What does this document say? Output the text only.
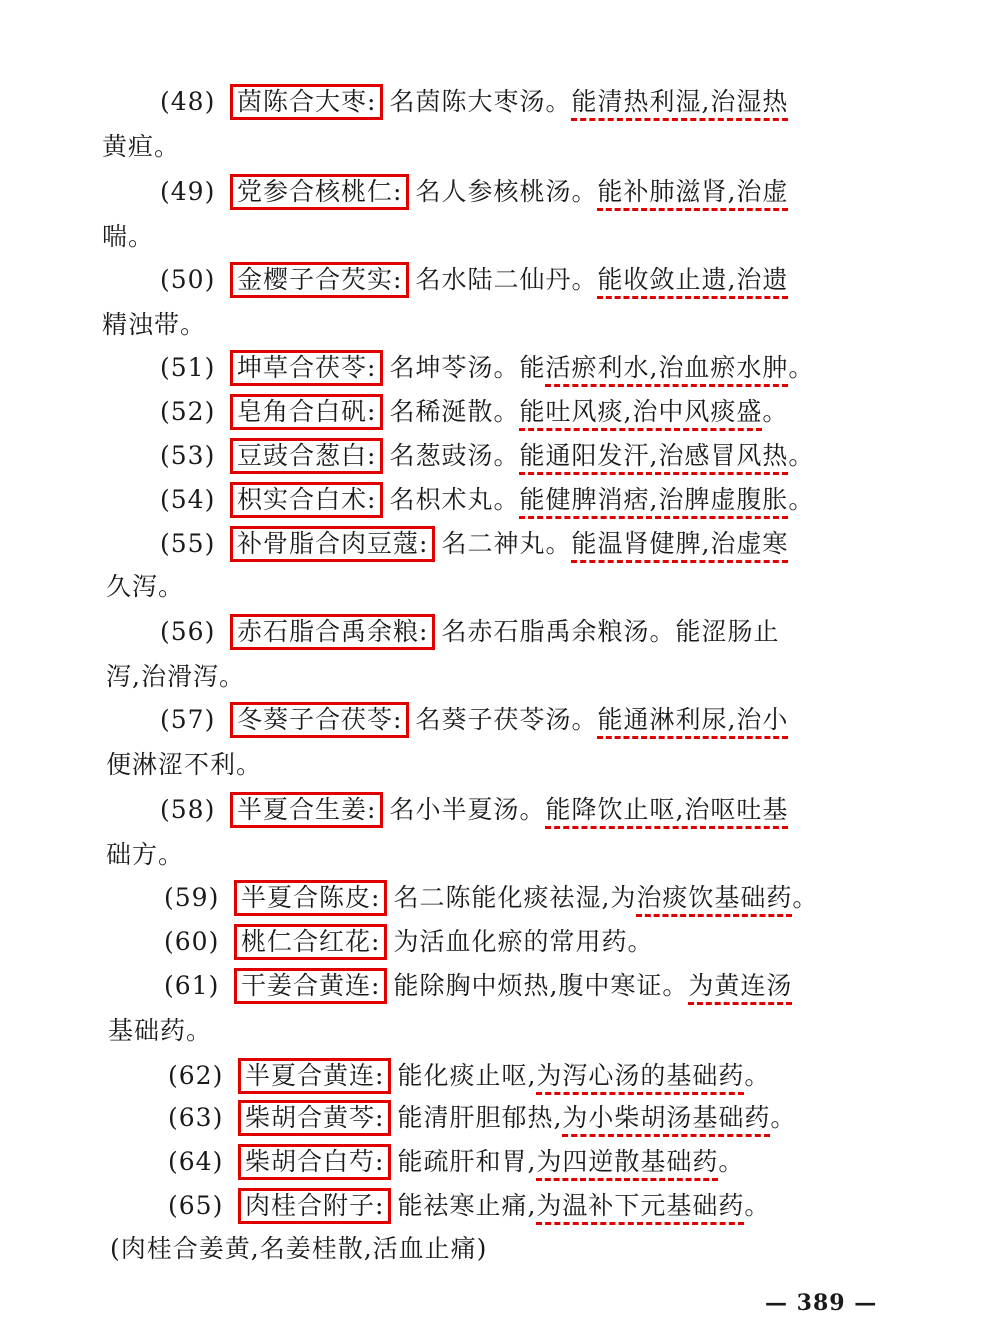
(48) 茵陈合大枣: 名茵陈大枣汤。能清热利湿,治湿热
黄疸。
(49) 党参合核桃仁: 名人参核桃汤。能补肺滋肾,治虚
喘。
(50) 金樱子合芡实: 名水陆二仙丹。能收敛止遗,治遗
精浊带。
(51) 坤草合茯苓: 名坤苓汤。能活瘀利水,治血瘀水肿。
(52) 皂角合白矾: 名稀涎散。能吐风痰,治中风痰盛。
(53) 豆豉合葱白: 名葱豉汤。能通阳发汗,治感冒风热。
(54) 枳实合白术: 名枳术丸。能健脾消痞,治脾虚腹胀。
(55) 补骨脂合肉豆蔻: 名二神丸。能温肾健脾,治虚寒
久泻。
(56) 赤石脂合禹余粮: 名赤石脂禹余粮汤。能涩肠止
泻,治滑泻。
(57) 冬葵子合茯苓: 名葵子茯苓汤。能通淋利尿,治小
便淋涩不利。
(58) 半夏合生姜: 名小半夏汤。能降饮止呕,治呕吐基
础方。
(59) 半夏合陈皮: 名二陈能化痰祛湿,为治痰饮基础药。
(60) 桃仁合红花: 为活血化瘀的常用药。
(61) 干姜合黄连: 能除胸中烦热,腹中寒证。为黄连汤
基础药。
(62) 半夏合黄连: 能化痰止呕,为泻心汤的基础药。
(63) 柴胡合黄芩: 能清肝胆郁热,为小柴胡汤基础药。
(64) 柴胡合白芍: 能疏肝和胃,为四逆散基础药。
(65) 肉桂合附子: 能祛寒止痛,为温补下元基础药。
(肉桂合姜黄,名姜桂散,活血止痛)
— 389 —
